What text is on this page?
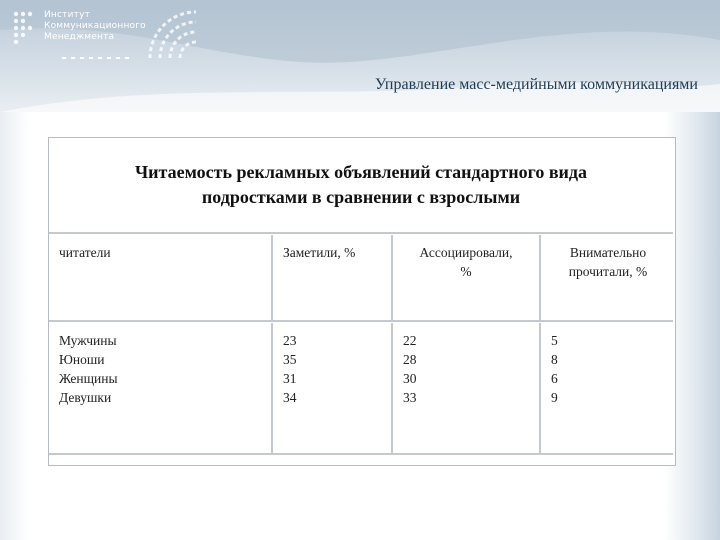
Институт
Коммуникационного
Менеджмента
Управление масс-медийными коммуникациями
Читаемость рекламных объявлений стандартного вида
подростками в сравнении с взрослыми
читатели	Заметили, %	Ассоциировали,
%
Внимательно
прочитали, %
Мужчины
Юноши
Женщины
Девушки
23
35
31
34
22
28
30
33
5
8
6
9
